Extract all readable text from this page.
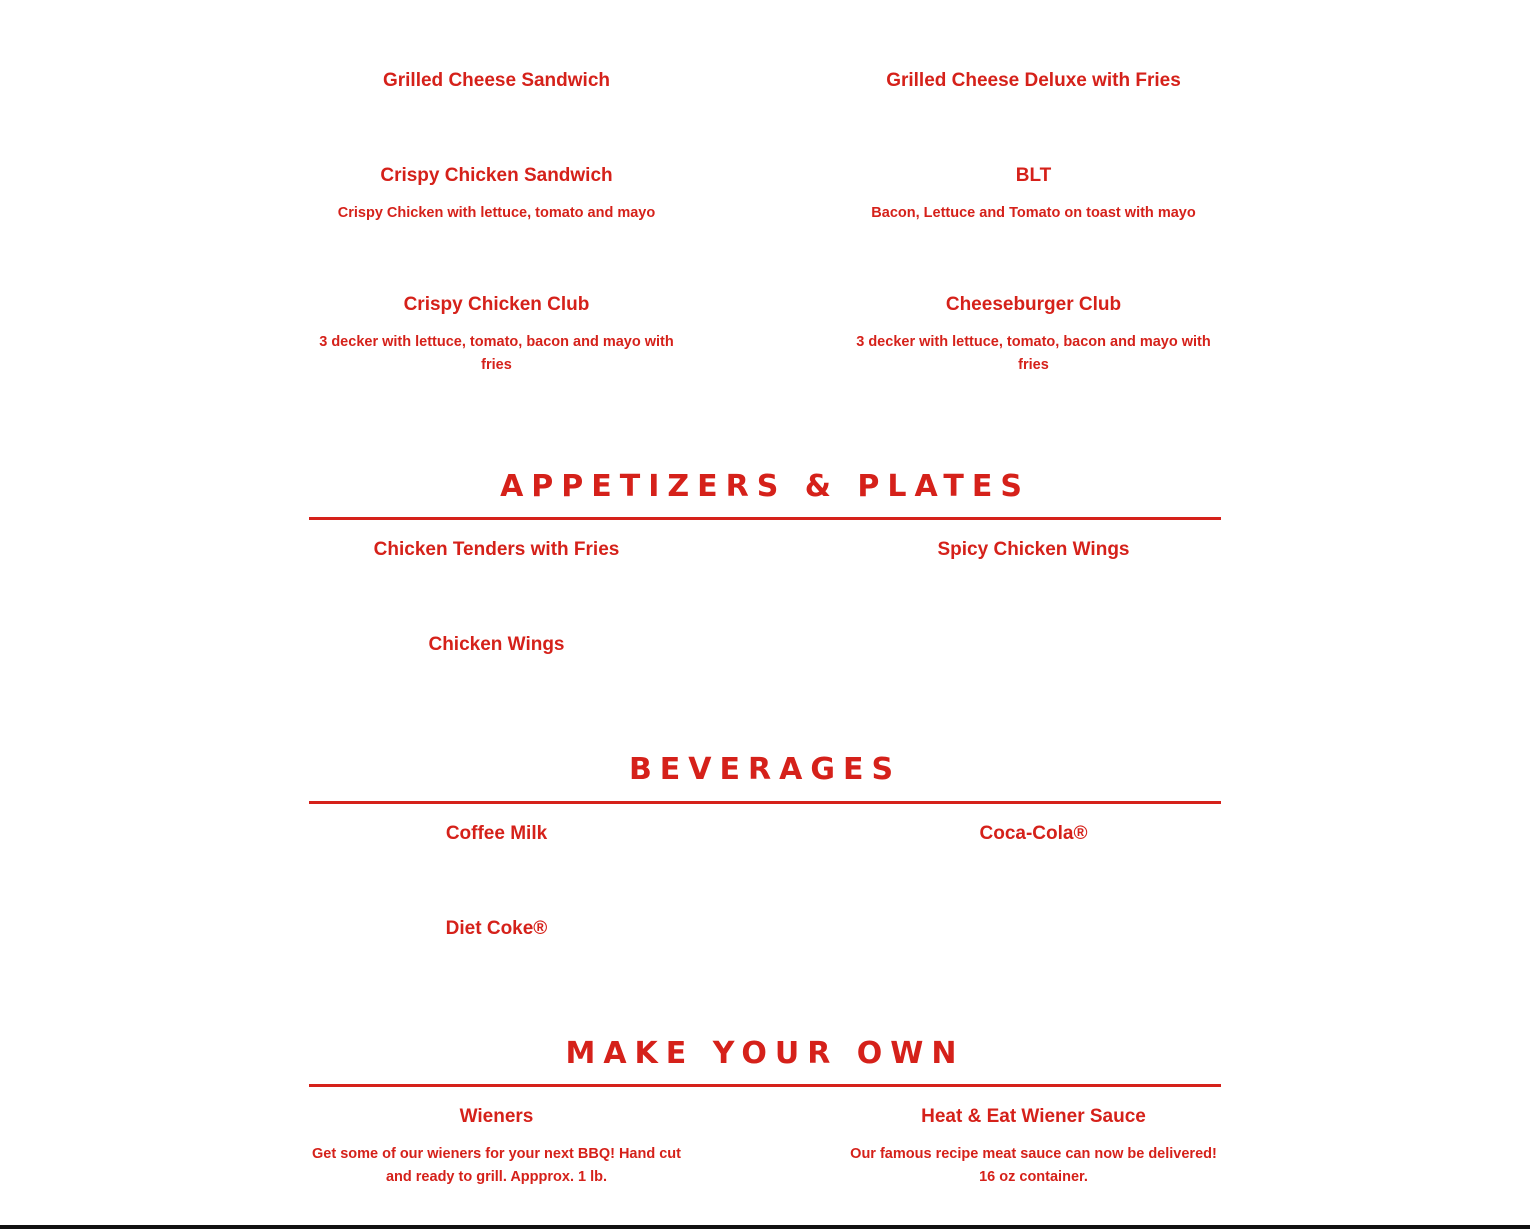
Grilled Cheese Sandwich	Grilled Cheese Deluxe with Fries
Crispy Chicken Sandwich
Crispy Chicken with lettuce, tomato and mayo
BLT
Bacon, Lettuce and Tomato on toast with mayo
Crispy Chicken Club
3 decker with lettuce, tomato, bacon and mayo with fries
Cheeseburger Club
3 decker with lettuce, tomato, bacon and mayo with fries
APPETIZERS & PLATES
Chicken Tenders with Fries	Spicy Chicken Wings
Chicken Wings
BEVERAGES
Coffee Milk	Coca-Cola®
Diet Coke®
MAKE YOUR OWN
Wieners
Get some of our wieners for your next BBQ! Hand cut and ready to grill. Appprox. 1 lb.
Heat & Eat Wiener Sauce
Our famous recipe meat sauce can now be delivered! 16 oz container.
